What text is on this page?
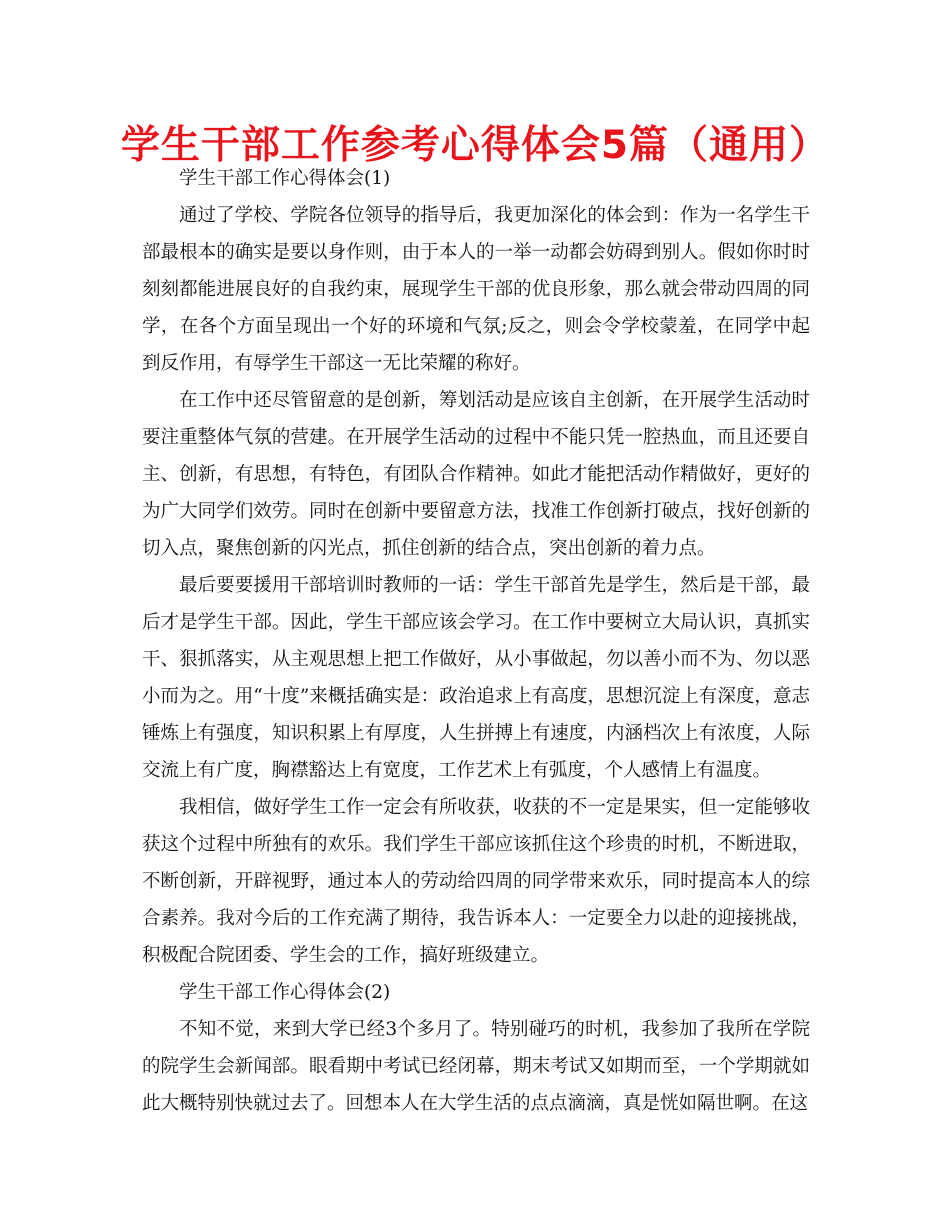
学生干部工作参考心得体会5篇（通用）

学生干部工作心得体会(1)

通过了学校、学院各位领导的指导后，我更加深化的体会到：作为一名学生干部最根本的确实是要以身作则，由于本人的一举一动都会妨碍到别人。假如你时时刻刻都能进展良好的自我约束，展现学生干部的优良形象，那么就会带动四周的同学，在各个方面呈现出一个好的环境和气氛;反之，则会令学校蒙羞，在同学中起到反作用，有辱学生干部这一无比荣耀的称好。

在工作中还尽管留意的是创新，筹划活动是应该自主创新，在开展学生活动时要注重整体气氛的营建。在开展学生活动的过程中不能只凭一腔热血，而且还要自主、创新，有思想，有特色，有团队合作精神。如此才能把活动作精做好，更好的为广大同学们效劳。同时在创新中要留意方法，找准工作创新打破点，找好创新的切入点，聚焦创新的闪光点，抓住创新的结合点，突出创新的着力点。

最后要要援用干部培训时教师的一话：学生干部首先是学生，然后是干部，最后才是学生干部。因此，学生干部应该会学习。在工作中要树立大局认识，真抓实干、狠抓落实，从主观思想上把工作做好，从小事做起，勿以善小而不为、勿以恶小而为之。用“十度”来概括确实是：政治追求上有高度，思想沉淀上有深度，意志锤炼上有强度，知识积累上有厚度，人生拼搏上有速度，内涵档次上有浓度，人际交流上有广度，胸襟豁达上有宽度，工作艺术上有弧度，个人感情上有温度。

我相信，做好学生工作一定会有所收获，收获的不一定是果实，但一定能够收获这个过程中所独有的欢乐。我们学生干部应该抓住这个珍贵的时机，不断进取，不断创新，开辟视野，通过本人的劳动给四周的同学带来欢乐，同时提高本人的综合素养。我对今后的工作充满了期待，我告诉本人：一定要全力以赴的迎接挑战，积极配合院团委、学生会的工作，搞好班级建立。

学生干部工作心得体会(2)

不知不觉，来到大学已经3个多月了。特别碰巧的时机，我参加了我所在学院的院学生会新闻部。眼看期中考试已经闭幕，期末考试又如期而至，一个学期就如此大概特别快就过去了。回想本人在大学生活的点点滴滴，真是恍如隔世啊。在这
